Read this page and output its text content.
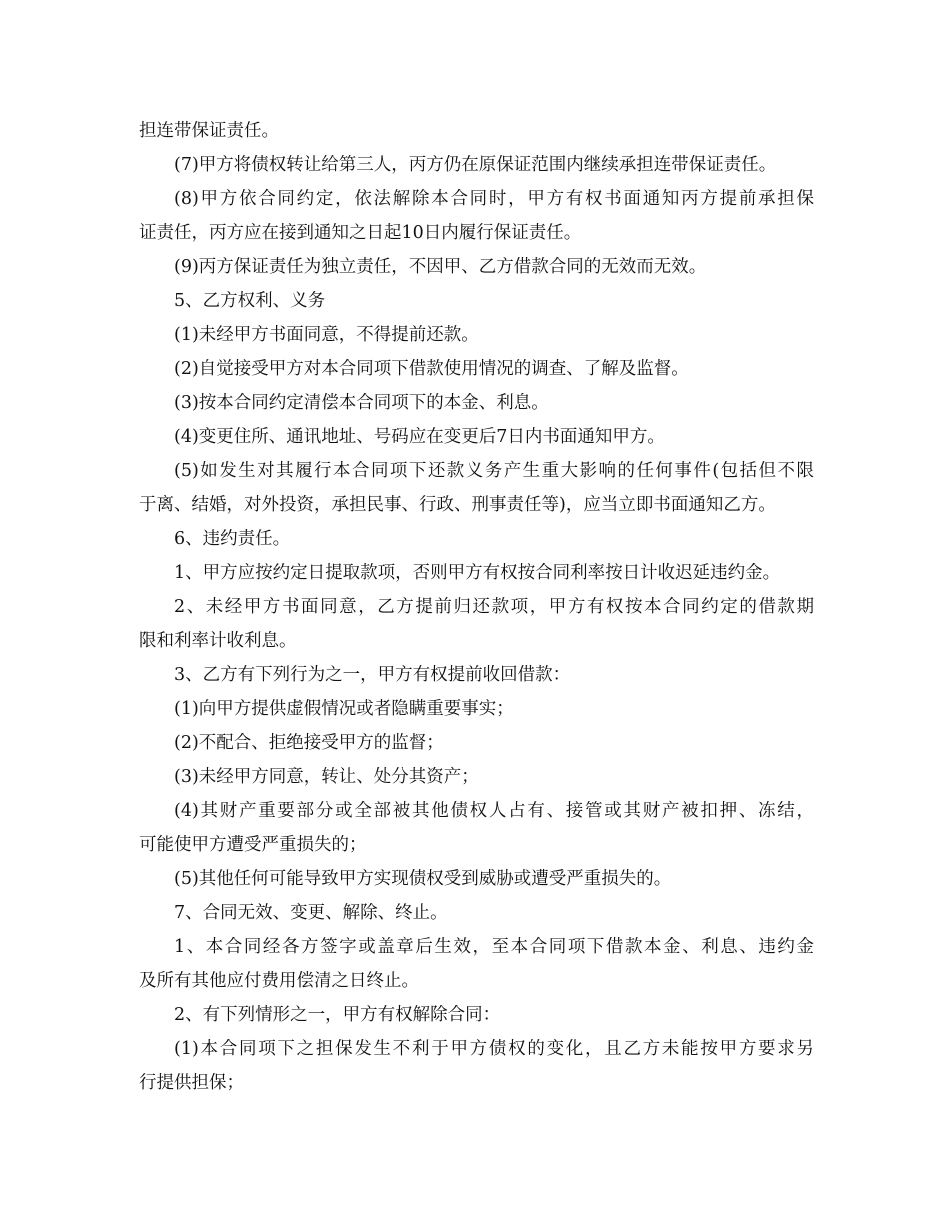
担连带保证责任。
(7)甲方将债权转让给第三人，丙方仍在原保证范围内继续承担连带保证责任。
(8)甲方依合同约定，依法解除本合同时，甲方有权书面通知丙方提前承担保
证责任，丙方应在接到通知之日起10日内履行保证责任。
(9)丙方保证责任为独立责任，不因甲、乙方借款合同的无效而无效。
5、乙方权利、义务
(1)未经甲方书面同意，不得提前还款。
(2)自觉接受甲方对本合同项下借款使用情况的调查、了解及监督。
(3)按本合同约定清偿本合同项下的本金、利息。
(4)变更住所、通讯地址、号码应在变更后7日内书面通知甲方。
(5)如发生对其履行本合同项下还款义务产生重大影响的任何事件(包括但不限
于离、结婚，对外投资，承担民事、行政、刑事责任等)，应当立即书面通知乙方。
6、违约责任。
1、甲方应按约定日提取款项，否则甲方有权按合同利率按日计收迟延违约金。
2、未经甲方书面同意，乙方提前归还款项，甲方有权按本合同约定的借款期
限和利率计收利息。
3、乙方有下列行为之一，甲方有权提前收回借款：
(1)向甲方提供虚假情况或者隐瞒重要事实；
(2)不配合、拒绝接受甲方的监督；
(3)未经甲方同意，转让、处分其资产；
(4)其财产重要部分或全部被其他债权人占有、接管或其财产被扣押、冻结，
可能使甲方遭受严重损失的；
(5)其他任何可能导致甲方实现债权受到威胁或遭受严重损失的。
7、合同无效、变更、解除、终止。
1、本合同经各方签字或盖章后生效，至本合同项下借款本金、利息、违约金
及所有其他应付费用偿清之日终止。
2、有下列情形之一，甲方有权解除合同：
(1)本合同项下之担保发生不利于甲方债权的变化，且乙方未能按甲方要求另
行提供担保；
